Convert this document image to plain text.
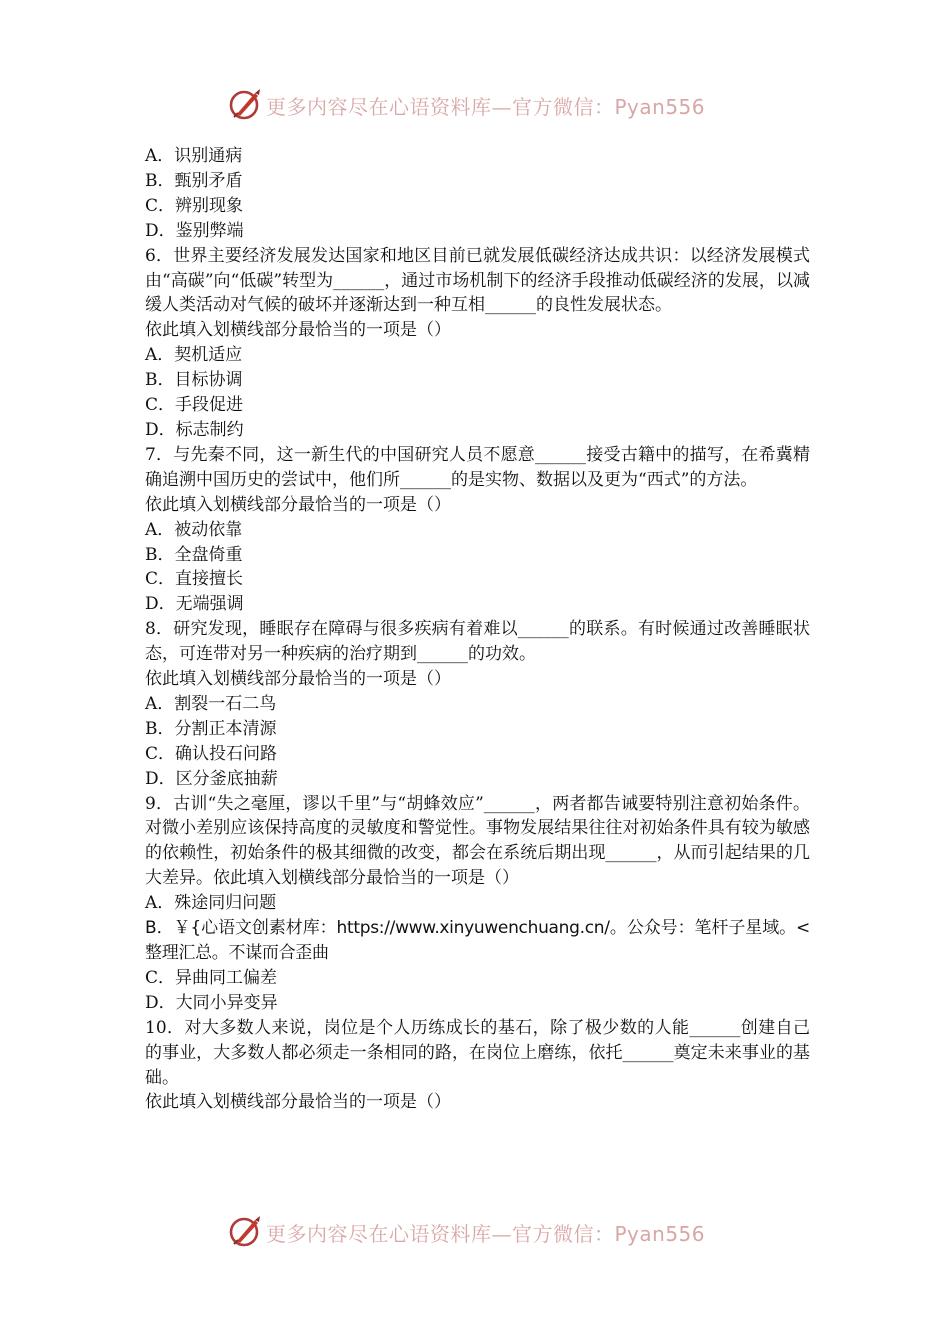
更多内容尽在心语资料库—官方微信：Pyan556

A．识别通病

B．甄别矛盾

C．辨别现象

D．鉴别弊端

6．世界主要经济发展发达国家和地区目前已就发展低碳经济达成共识：以经济发展模式由“高碳”向“低碳”转型为______，通过市场机制下的经济手段推动低碳经济的发展，以减缓人类活动对气候的破坏并逐渐达到一种互相______的良性发展状态。

依此填入划横线部分最恰当的一项是（）

A．契机适应

B．目标协调

C．手段促进

D．标志制约

7．与先秦不同，这一新生代的中国研究人员不愿意______接受古籍中的描写，在希冀精确追溯中国历史的尝试中，他们所______的是实物、数据以及更为“西式”的方法。

依此填入划横线部分最恰当的一项是（）

A．被动依靠

B．全盘倚重

C．直接擅长

D．无端强调

8．研究发现，睡眠存在障碍与很多疾病有着难以______的联系。有时候通过改善睡眠状态，可连带对另一种疾病的治疗期到______的功效。

依此填入划横线部分最恰当的一项是（）

A．割裂一石二鸟

B．分割正本清源

C．确认投石问路

D．区分釜底抽薪

9．古训“失之毫厘，谬以千里”与“胡蜂效应”______，两者都告诫要特别注意初始条件。对微小差别应该保持高度的灵敏度和警觉性。事物发展结果往往对初始条件具有较为敏感的依赖性，初始条件的极其细微的改变，都会在系统后期出现______，从而引起结果的几大差异。依此填入划横线部分最恰当的一项是（）

A．殊途同归问题

B．￥{心语文创素材库：https://www.xinyuwenchuang.cn/。公众号：笔杆子星域。<整理汇总。不谋而合歪曲

C．异曲同工偏差

D．大同小异变异

10．对大多数人来说，岗位是个人历练成长的基石，除了极少数的人能______创建自己的事业，大多数人都必须走一条相同的路，在岗位上磨练，依托______奠定未来事业的基础。

依此填入划横线部分最恰当的一项是（）

更多内容尽在心语资料库—官方微信：Pyan556
